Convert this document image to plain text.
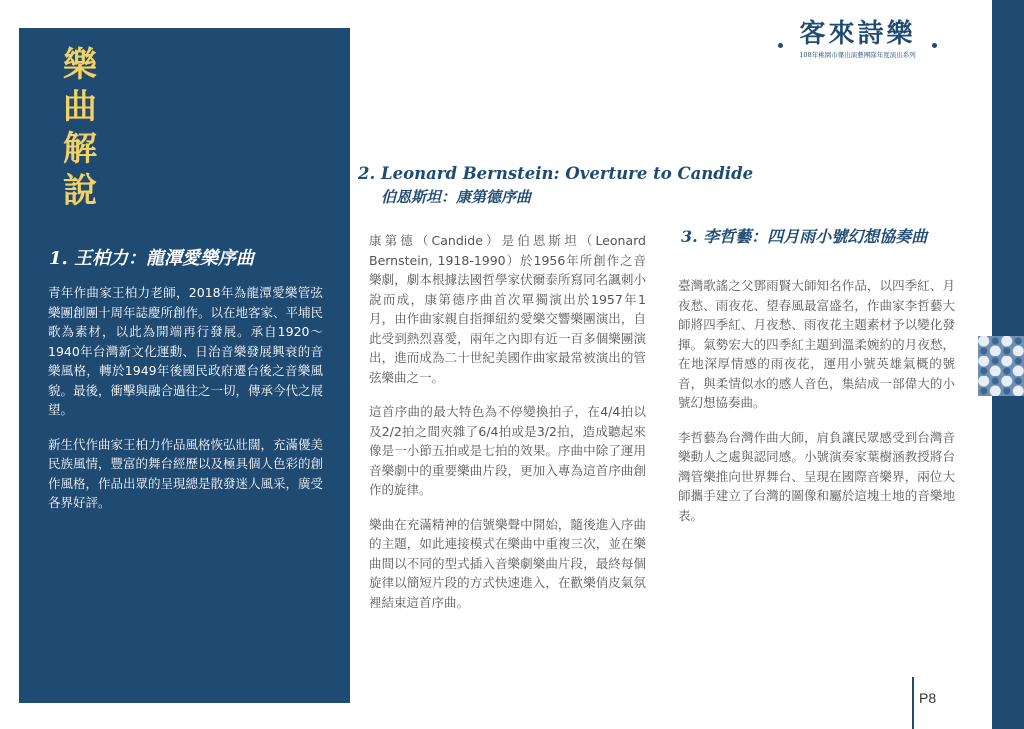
樂
曲
解
說
1. 王柏力：龍潭愛樂序曲

青年作曲家王柏力老師，2018年為龍潭愛樂管弦樂團創團十周年誌慶所創作。以在地客家、平埔民歌為素材，以此為開端再行發展。承自1920～1940年台灣新文化運動、日治音樂發展興衰的音樂風格，轉於1949年後國民政府遷台後之音樂風貌。最後，衝擊與融合過往之一切，傳承今代之展望。

新生代作曲家王柏力作品風格恢弘壯闊，充滿優美民族風情，豐富的舞台經歷以及極具個人色彩的創作風格，作品出眾的呈現總是散發迷人風采，廣受各界好評。

客來詩樂
108年桃園市傑出演藝團隊年度演出系列
2. Leonard Bernstein: Overture to Candide
伯恩斯坦：康第德序曲

康第德（Candide）是伯恩斯坦（Leonard Bernstein, 1918-1990）於1956年所創作之音樂劇，劇本根據法國哲學家伏爾泰所寫同名諷刺小說而成，康第德序曲首次單獨演出於1957年1月，由作曲家親自指揮紐約愛樂交響樂團演出，自此受到熱烈喜愛，兩年之內即有近一百多個樂團演出，進而成為二十世紀美國作曲家最常被演出的管弦樂曲之一。

這首序曲的最大特色為不停變換拍子，在4/4拍以及2/2拍之間夾雜了6/4拍或是3/2拍，造成聽起來像是一小節五拍或是七拍的效果。序曲中除了運用音樂劇中的重要樂曲片段，更加入專為這首序曲創作的旋律。

樂曲在充滿精神的信號樂聲中開始，隨後進入序曲的主題，如此連接模式在樂曲中重複三次，並在樂曲間以不同的型式插入音樂劇樂曲片段，最終每個旋律以簡短片段的方式快速進入，在歡樂俏皮氣氛裡結束這首序曲。

3. 李哲藝：四月雨小號幻想協奏曲

臺灣歌謠之父鄧雨賢大師知名作品，以四季紅、月夜愁、雨夜花、望春風最富盛名，作曲家李哲藝大師將四季紅、月夜愁、雨夜花主題素材予以變化發揮。氣勢宏大的四季紅主題到溫柔婉約的月夜愁，在地深厚情感的雨夜花，運用小號英雄氣概的號音，與柔情似水的感人音色，集結成一部偉大的小號幻想協奏曲。

李哲藝為台灣作曲大師，肩負讓民眾感受到台灣音樂動人之處與認同感。小號演奏家葉樹涵教授將台灣管樂推向世界舞台、呈現在國際音樂界，兩位大師攜手建立了台灣的圖像和屬於這塊土地的音樂地表。

P8
